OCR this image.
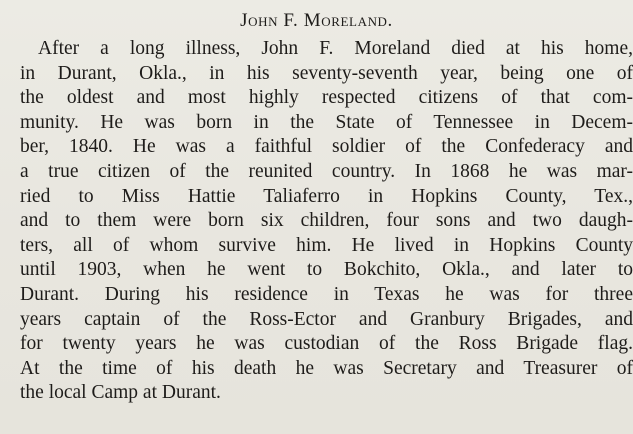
John F. Moreland.
After a long illness, John F. Moreland died at his home,
in Durant, Okla., in his seventy-seventh year, being one of
the oldest and most highly respected citizens of that com-
munity. He was born in the State of Tennessee in Decem-
ber, 1840. He was a faithful soldier of the Confederacy and
a true citizen of the reunited country. In 1868 he was mar-
ried to Miss Hattie Taliaferro in Hopkins County, Tex.,
and to them were born six children, four sons and two daugh-
ters, all of whom survive him. He lived in Hopkins County
until 1903, when he went to Bokchito, Okla., and later to
Durant. During his residence in Texas he was for three
years captain of the Ross-Ector and Granbury Brigades, and
for twenty years he was custodian of the Ross Brigade flag.
At the time of his death he was Secretary and Treasurer of
the local Camp at Durant.
